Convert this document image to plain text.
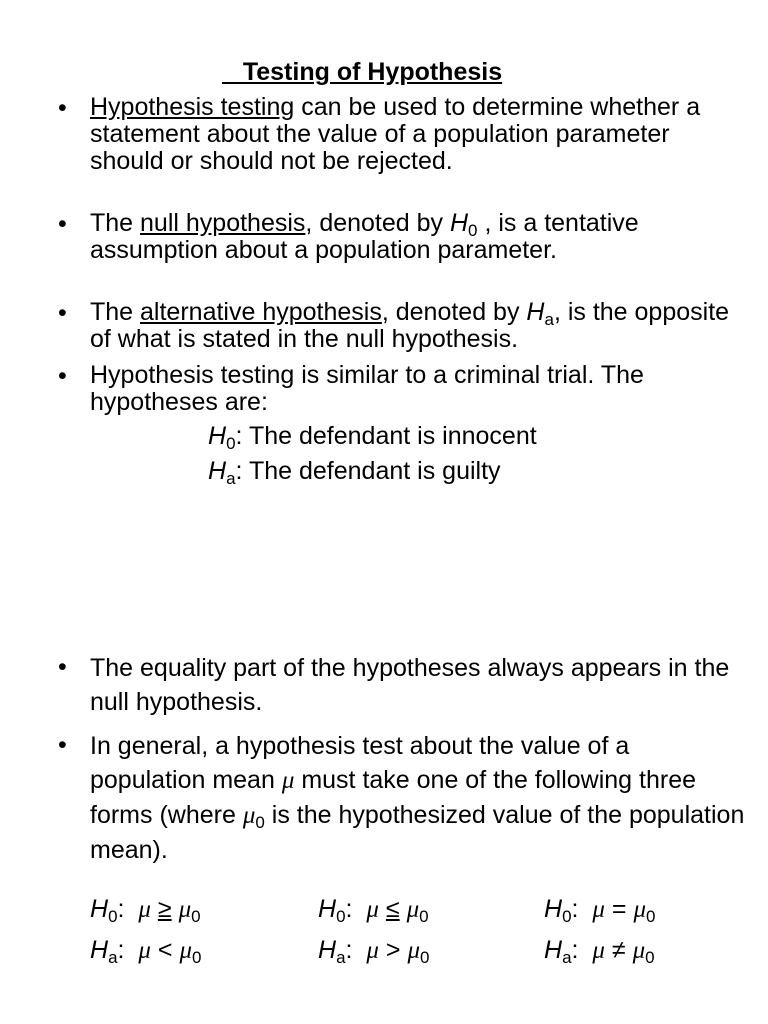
Testing of Hypothesis
• Hypothesis testing can be used to determine whether a statement about the value of a population parameter should or should not be rejected.
• The null hypothesis, denoted by $H_0$ , is a tentative assumption about a population parameter.
• The alternative hypothesis, denoted by $H_a$, is the opposite of what is stated in the null hypothesis.
• Hypothesis testing is similar to a criminal trial. The hypotheses are:
$H_0$: The defendant is innocent
$H_a$: The defendant is guilty
• The equality part of the hypotheses always appears in the null hypothesis.
• In general, a hypothesis test about the value of a population mean μ must take one of the following three forms (where $\mu_0$ is the hypothesized value of the population mean).
$H_0$: $\mu \ge \mu_0$
$H_a$: $\mu < \mu_0$
$H_0$: $\mu \le \mu_0$
$H_a$: $\mu > \mu_0$
$H_0$: $\mu = \mu_0$
$H_a$: $\mu \ne \mu_0$
